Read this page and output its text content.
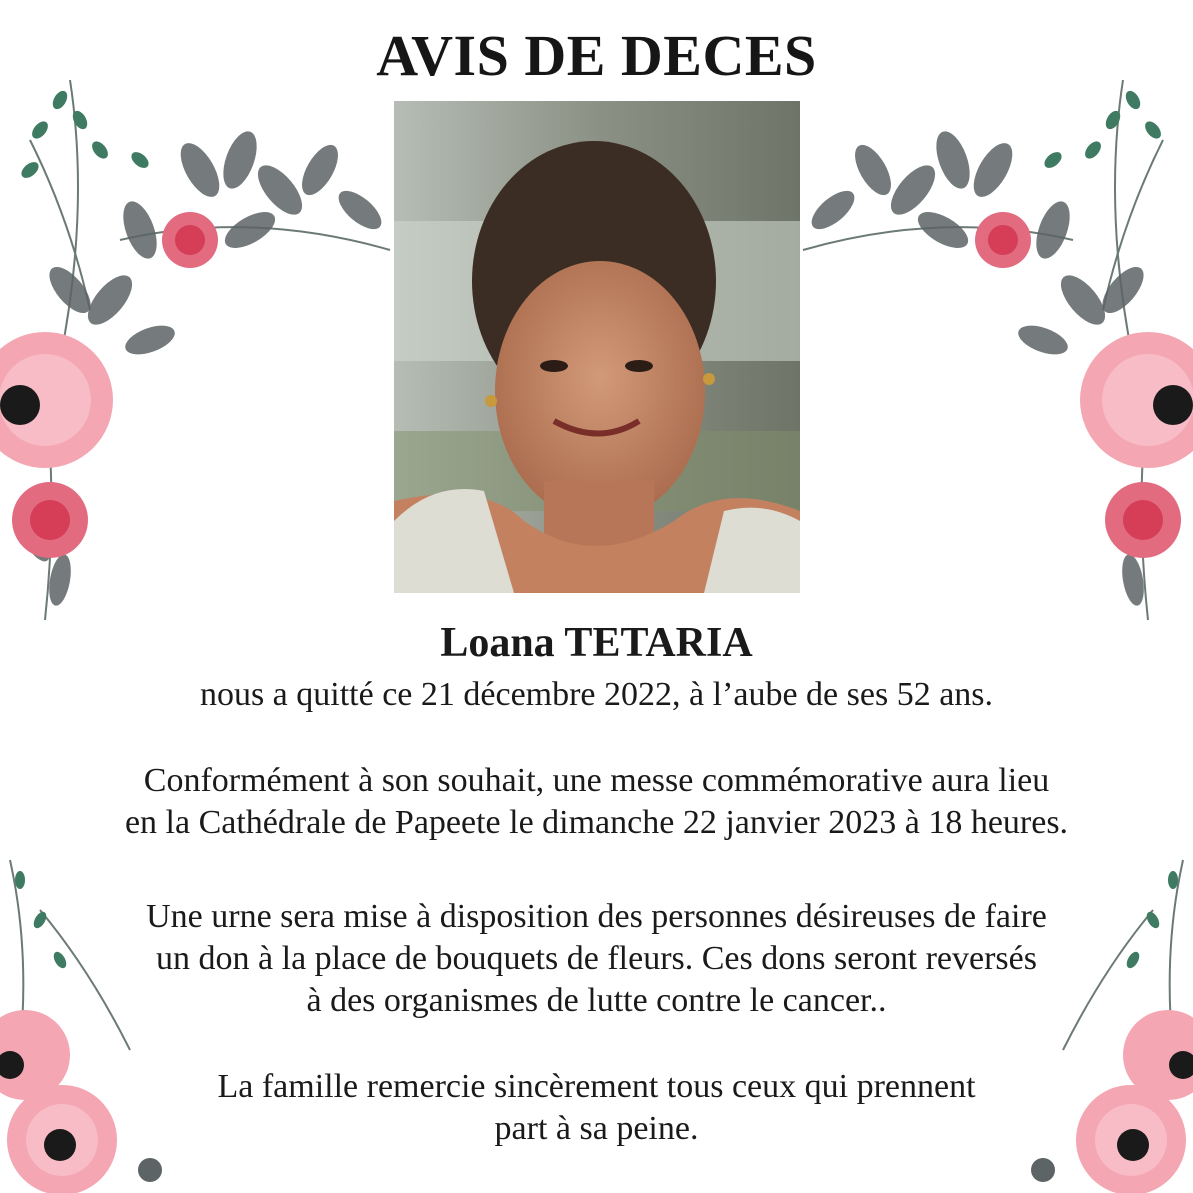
AVIS DE DECES
Loana TETARIA
nous a quitté ce 21 décembre 2022, à l’aube de ses 52 ans.
Conformément à son souhait, une messe commémorative aura lieu
en la Cathédrale de Papeete le dimanche 22 janvier 2023 à 18 heures.
Une urne sera mise à disposition des personnes désireuses de faire
un don à la place de bouquets de fleurs. Ces dons seront reversés
à des organismes de lutte contre le cancer..
La famille remercie sincèrement tous ceux qui prennent
part à sa peine.
